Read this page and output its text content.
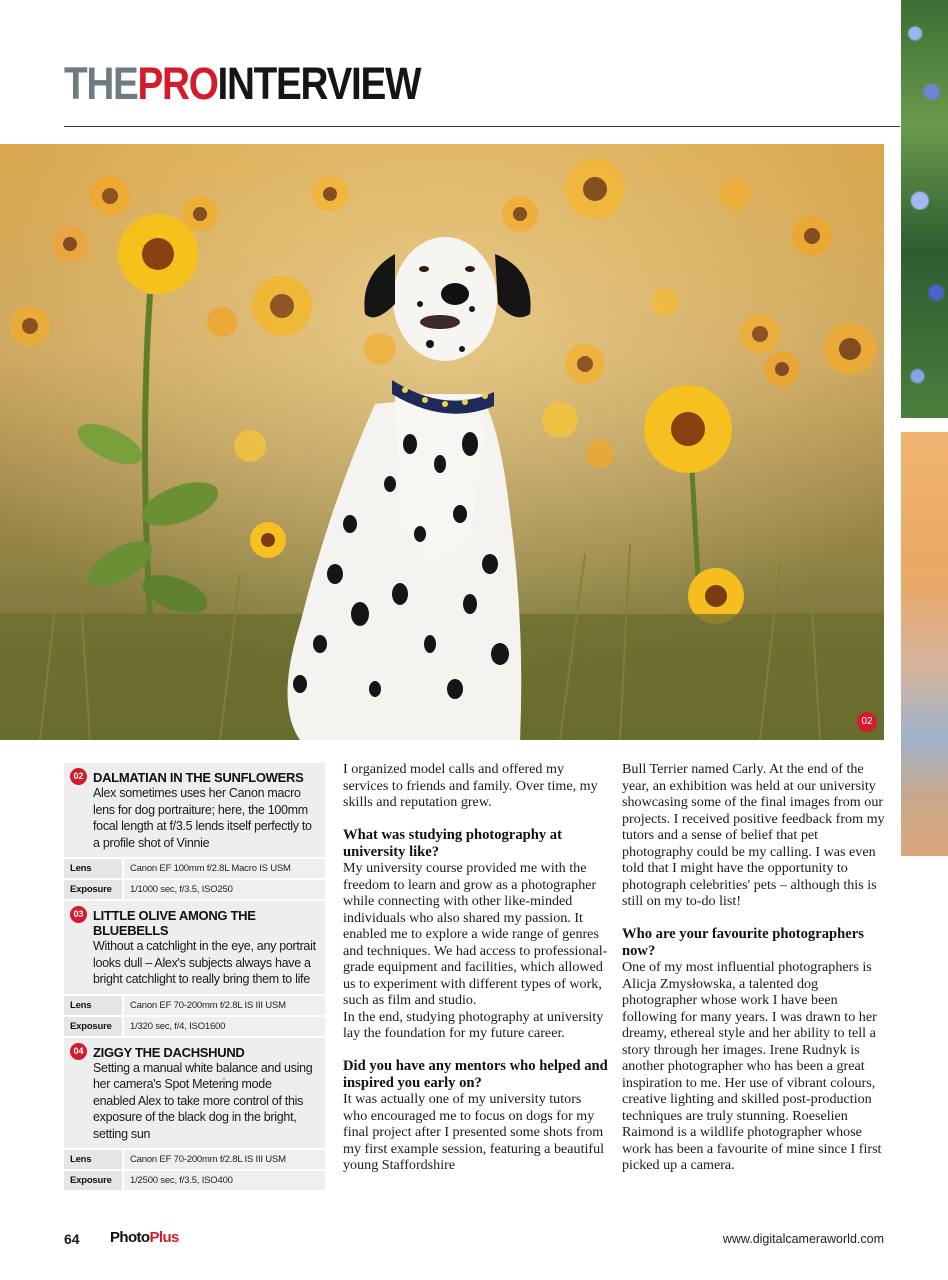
THEPROINTERVIEW
02
02 DALMATIAN IN THE SUNFLOWERS
Alex sometimes uses her Canon macro lens for dog portraiture; here, the 100mm focal length at f/3.5 lends itself perfectly to a profile shot of Vinnie
Lens	Canon EF 100mm f/2.8L Macro IS USM
Exposure	1/1000 sec, f/3.5, ISO250
03 LITTLE OLIVE AMONG THE BLUEBELLS
Without a catchlight in the eye, any portrait looks dull – Alex's subjects always have a bright catchlight to really bring them to life
Lens	Canon EF 70-200mm f/2.8L IS III USM
Exposure	1/320 sec, f/4, ISO1600
04 ZIGGY THE DACHSHUND
Setting a manual white balance and using her camera's Spot Metering mode enabled Alex to take more control of this exposure of the black dog in the bright, setting sun
Lens	Canon EF 70-200mm f/2.8L IS III USM
Exposure	1/2500 sec, f/3.5, ISO400

I organized model calls and offered my services to friends and family. Over time, my skills and reputation grew.

What was studying photography at university like?

My university course provided me with the freedom to learn and grow as a photographer while connecting with other like-minded individuals who also shared my passion. It enabled me to explore a wide range of genres and techniques. We had access to professional-grade equipment and facilities, which allowed us to experiment with different types of work, such as film and studio.

In the end, studying photography at university lay the foundation for my future career.

Did you have any mentors who helped and inspired you early on?

It was actually one of my university tutors who encouraged me to focus on dogs for my final project after I presented some shots from my first example session, featuring a beautiful young Staffordshire

Bull Terrier named Carly. At the end of the year, an exhibition was held at our university showcasing some of the final images from our projects. I received positive feedback from my tutors and a sense of belief that pet photography could be my calling. I was even told that I might have the opportunity to photograph celebrities' pets – although this is still on my to-do list!

Who are your favourite photographers now?

One of my most influential photographers is Alicja Zmysłowska, a talented dog photographer whose work I have been following for many years. I was drawn to her dreamy, ethereal style and her ability to tell a story through her images. Irene Rudnyk is another photographer who has been a great inspiration to me. Her use of vibrant colours, creative lighting and skilled post-production techniques are truly stunning. Roeselien Raimond is a wildlife photographer whose work has been a favourite of mine since I first picked up a camera.

64 PhotoPlus	www.digitalcameraworld.com
